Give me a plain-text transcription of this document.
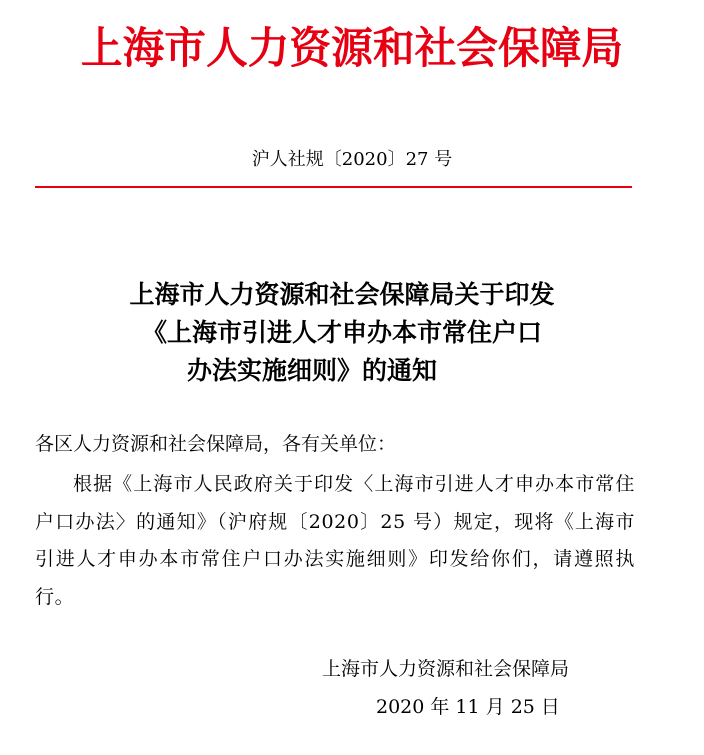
上海市人力资源和社会保障局
沪人社规〔2020〕27 号
上海市人力资源和社会保障局关于印发
《上海市引进人才申办本市常住户口
办法实施细则》的通知
各区人力资源和社会保障局，各有关单位：
根据《上海市人民政府关于印发〈上海市引进人才申办本市常住户口办法〉的通知》（沪府规〔2020〕25 号）规定，现将《上海市引进人才申办本市常住户口办法实施细则》印发给你们，请遵照执行。
上海市人力资源和社会保障局
2020 年 11 月 25 日
